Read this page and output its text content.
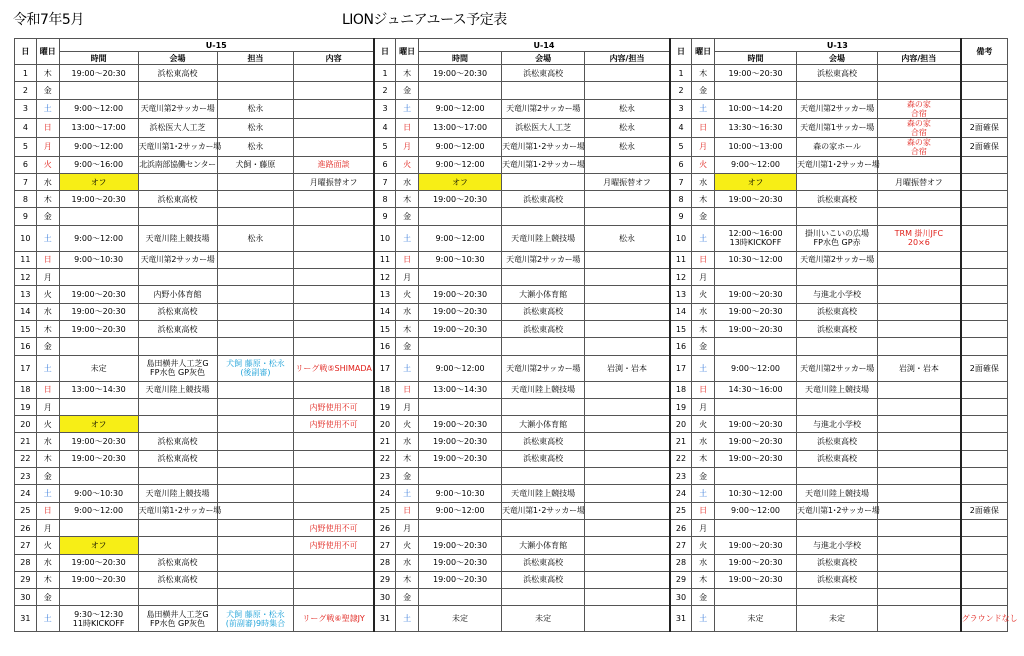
令和7年5月	LIONジュニアユース予定表
日	曜日	U-15				日	曜日	U-14			日	曜日	U-13			備考
		時間	会場	担当	内容			時間	会場	内容/担当			時間	会場	内容/担当	

1	木	19:00～20:30	浜松東高校			1	木	19:00～20:30	浜松東高校		1	木	19:00～20:30	浜松東高校		

2	金					2	金				2	金				

3	土	9:00～12:00	天竜川第2サッカー場	松永		3	土	9:00～12:00	天竜川第2サッカー場	松永	3	土	10:00～14:20	天竜川第2サッカー場	森の家
合宿	

4	日	13:00～17:00	浜松医大人工芝	松永		4	日	13:00～17:00	浜松医大人工芝	松永	4	日	13:30～16:30	天竜川第1サッカー場	森の家
合宿	2面確保

5	月	9:00～12:00	天竜川第1･2サッカー場	松永		5	月	9:00～12:00	天竜川第1･2サッカー場	松永	5	月	10:00～13:00	森の家ホール	森の家
合宿	2面確保

6	火	9:00～16:00	北浜南部協働センター	犬飼・藤原	進路面談	6	火	9:00～12:00	天竜川第1･2サッカー場		6	火	9:00～12:00	天竜川第1･2サッカー場		

7	水	オフ			月曜振替オフ	7	水	オフ		月曜振替オフ	7	水	オフ		月曜振替オフ	

8	木	19:00～20:30	浜松東高校			8	木	19:00～20:30	浜松東高校		8	木	19:00～20:30	浜松東高校		

9	金					9	金				9	金				

10	土	9:00～12:00	天竜川陸上競技場	松永		10	土	9:00～12:00	天竜川陸上競技場	松永	10	土	12:00～16:00
13時KICKOFF	掛川いこいの広場
FP水色 GP赤	TRM 掛川JFC
20×6	

11	日	9:00～10:30	天竜川第2サッカー場			11	日	9:00～10:30	天竜川第2サッカー場		11	日	10:30～12:00	天竜川第2サッカー場		

12	月					12	月				12	月				

13	火	19:00～20:30	内野小体育館			13	火	19:00～20:30	大瀬小体育館		13	火	19:00～20:30	与進北小学校		

14	水	19:00～20:30	浜松東高校			14	水	19:00～20:30	浜松東高校		14	水	19:00～20:30	浜松東高校		

15	木	19:00～20:30	浜松東高校			15	木	19:00～20:30	浜松東高校		15	木	19:00～20:30	浜松東高校		

16	金					16	金				16	金				

17	土	未定	島田横井人工芝G
FP水色 GP灰色	犬飼 藤原・松永
(後副審)	リーグ戦⑤SHIMADA	17	土	9:00～12:00	天竜川第2サッカー場	岩渕・岩本	17	土	9:00～12:00	天竜川第2サッカー場	岩渕・岩本	2面確保

18	日	13:00～14:30	天竜川陸上競技場			18	日	13:00～14:30	天竜川陸上競技場		18	日	14:30～16:00	天竜川陸上競技場		

19	月				内野使用不可	19	月				19	月				

20	火	オフ			内野使用不可	20	火	19:00～20:30	大瀬小体育館		20	火	19:00～20:30	与進北小学校		

21	水	19:00～20:30	浜松東高校			21	水	19:00～20:30	浜松東高校		21	水	19:00～20:30	浜松東高校		

22	木	19:00～20:30	浜松東高校			22	木	19:00～20:30	浜松東高校		22	木	19:00～20:30	浜松東高校		

23	金					23	金				23	金				

24	土	9:00～10:30	天竜川陸上競技場			24	土	9:00～10:30	天竜川陸上競技場		24	土	10:30～12:00	天竜川陸上競技場		

25	日	9:00～12:00	天竜川第1･2サッカー場			25	日	9:00～12:00	天竜川第1･2サッカー場		25	日	9:00～12:00	天竜川第1･2サッカー場		2面確保

26	月				内野使用不可	26	月				26	月				

27	火	オフ			内野使用不可	27	火	19:00～20:30	大瀬小体育館		27	火	19:00～20:30	与進北小学校		

28	水	19:00～20:30	浜松東高校			28	水	19:00～20:30	浜松東高校		28	水	19:00～20:30	浜松東高校		

29	木	19:00～20:30	浜松東高校			29	木	19:00～20:30	浜松東高校		29	木	19:00～20:30	浜松東高校		

30	金					30	金				30	金				

31	土	9:30～12:30
11時KICKOFF	島田横井人工芝G
FP水色 GP灰色	犬飼 藤原・松永
(前副審)9時集合	リーグ戦⑥聖隷JY	31	土	未定	未定		31	土	未定	未定		グラウンドなし
